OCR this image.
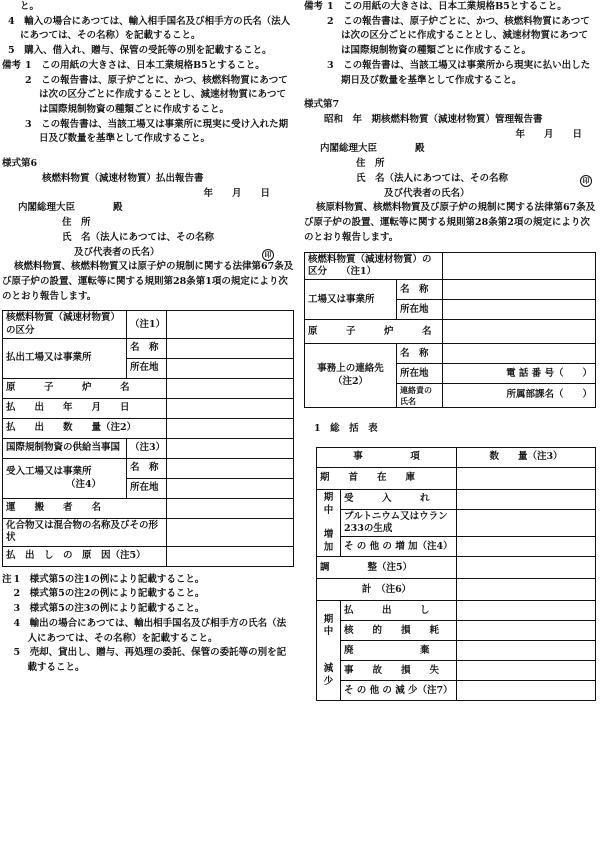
と。

4　輸入の場合にあつては、輸入相手国名及び相手方の氏名（法人にあつては、その名称）を記載すること。

5　購入、借入れ、贈与、保管の受託等の別を記載すること。

備考 1　この用紙の大きさは、日本工業規格B5とすること。

2　この報告書は、原子炉ごとに、かつ、核燃料物質にあつては次の区分ごとに作成することとし、減速材物質にあつては国際規制物資の種類ごとに作成すること。

3　この報告書は、当該工場又は事業所に現実に受け入れた期日及び数量を基準として作成すること。

様式第6

核燃料物質（減速材物質）払出報告書

年　　月　　日

内閣総理大臣　　　　殿

住　所

氏　名（法人にあつては、その名称

及び代表者の氏名）	印

核燃料物質、核燃料物質又は原子炉の規制に関する法律第67条及び原子炉の設置、運転等に関する規則第28条第1項の規定により次のとおり報告します。

核燃料物質（減速材物質）の区分	（注1）	
払出工場又は事業所	名　称	
	所在地	
原　　　子　　　炉　　　名		
払　　出　　年　　月　　日		
払　　出　　数　　量（注2）		
国際規制物資の供給当事国	（注3）	
受入工場又は事業所
（注4）	名　称	
	所在地	
運　　搬　　者　　名		
化合物又は混合物の名称及びその形状		
払　出　し　の　原　因（注5）		
注 1　様式第5の注1の例により記載すること。

2　様式第5の注2の例により記載すること。

3　様式第5の注3の例により記載すること。

4　輸出の場合にあつては、輸出相手国名及び相手方の氏名（法人にあつては、その名称）を記載すること。

5　売却、貸出し、贈与、再処理の委託、保管の委託等の別を記載すること。

備考 1　この用紙の大きさは、日本工業規格B5とすること。

2　この報告書は、原子炉ごとに、かつ、核燃料物質にあつては次の区分ごとに作成することとし、減速材物質にあつては国際規制物資の種類ごとに作成すること。

3　この報告書は、当該工場又は事業所から現実に払い出した期日及び数量を基準として作成すること。

様式第7

昭和　年　期核燃料物質（減速材物質）管理報告書

年　　月　　日

内閣総理大臣　　　　殿

住　所

氏　名（法人にあつては、その名称

及び代表者の氏名）
印

核原料物質、核燃料物質及び原子炉の規制に関する法律第67条及び原子炉の設置、運転等に関する規則第28条第2項の規定により次のとおり報告します。

核燃料物質（減速材物質）の区分 （注1）		
工場又は事業所	名　称	
	所在地	
原　　　子　　　炉　　　名		
事務上の連絡先
（注2）	名　称	
	所在地	電 話 番 号（　　）
	連絡責の氏名	所属部課名（　　）

1　総　括　表

事　　　　　項		数　　量（注3）
期　　首　　在　　庫		
期中

増加	受　　　入　　　れ	
	プルトニウム又はウラン233の生成	
	そ の 他 の 増 加（注4）	
調　　　　整（注5）		
計　（注6）		
期中

減少	払　　　出　　　し	
	核　　的　　損　　耗	
	廃　　　　　　　棄	
	事　　故　　損　　失	
	そ の 他 の 減 少（注7）	
